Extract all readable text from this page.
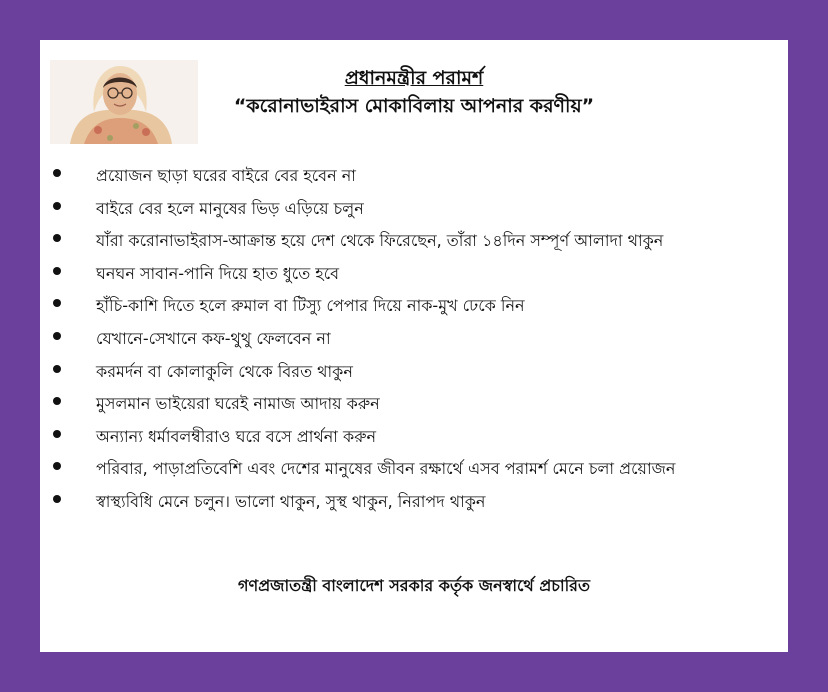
প্রধানমন্ত্রীর পরামর্শ
“করোনাভাইরাস মোকাবিলায় আপনার করণীয়”
প্রয়োজন ছাড়া ঘরের বাইরে বের হবেন না
বাইরে বের হলে মানুষের ভিড় এড়িয়ে চলুন
যাঁরা করোনাভাইরাস-আক্রান্ত হয়ে দেশ থেকে ফিরেছেন, তাঁরা ১৪দিন সম্পূর্ণ আলাদা থাকুন
ঘনঘন সাবান-পানি দিয়ে হাত ধুতে হবে
হাঁচি-কাশি দিতে হলে রুমাল বা টিস্যু পেপার দিয়ে নাক-মুখ ঢেকে নিন
যেখানে-সেখানে কফ-থুথু ফেলবেন না
করমর্দন বা কোলাকুলি থেকে বিরত থাকুন
মুসলমান ভাইয়েরা ঘরেই নামাজ আদায় করুন
অন্যান্য ধর্মাবলম্বীরাও ঘরে বসে প্রার্থনা করুন
পরিবার, পাড়াপ্রতিবেশি এবং দেশের মানুষের জীবন রক্ষার্থে এসব পরামর্শ মেনে চলা প্রয়োজন
স্বাস্থ্যবিধি মেনে চলুন। ভালো থাকুন, সুস্থ থাকুন, নিরাপদ থাকুন
গণপ্রজাতন্ত্রী বাংলাদেশ সরকার কর্তৃক জনস্বার্থে প্রচারিত
